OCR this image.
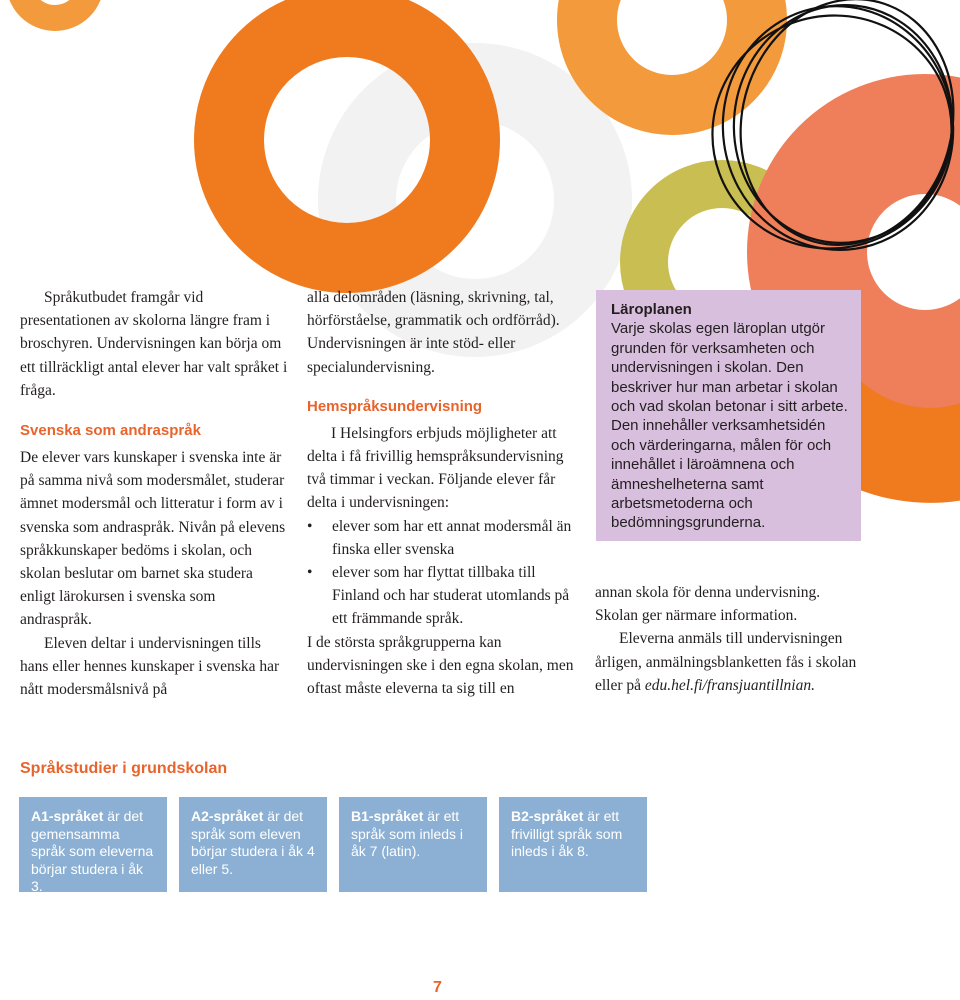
Språkutbudet framgår vid presentationen av skolorna längre fram i broschyren. Undervisningen kan börja om ett tillräckligt antal elever har valt språket i fråga.

Svenska som andraspråk

De elever vars kunskaper i svenska inte är på samma nivå som modersmålet, studerar ämnet modersmål och litteratur i form av i svenska som andraspråk. Nivån på elevens språkkunskaper bedöms i skolan, och skolan beslutar om barnet ska studera enligt lärokursen i svenska som andraspråk.

Eleven deltar i undervisningen tills hans eller hennes kunskaper i svenska har nått modersmålsnivå på

alla delområden (läsning, skrivning, tal, hörförståelse, grammatik och ordförråd). Undervisningen är inte stöd- eller specialundervisning.

Hemspråksundervisning

I Helsingfors erbjuds möjligheter att delta i få frivillig hemspråksundervisning två timmar i veckan. Följande elever får delta i undervisningen:

• elever som har ett annat modersmål än finska eller svenska
• elever som har flyttat tillbaka till Finland och har studerat utomlands på ett främmande språk.

I de största språkgrupperna kan undervisningen ske i den egna skolan, men oftast måste eleverna ta sig till en

Läroplanen
Varje skolas egen läroplan utgör grunden för verksamheten och undervisningen i skolan. Den beskriver hur man arbetar i skolan och vad skolan betonar i sitt arbete. Den innehåller verksamhetsidén och värderingarna, målen för och innehållet i läroämnena och ämneshelheterna samt arbetsmetoderna och bedömningsgrunderna.

annan skola för denna undervisning. Skolan ger närmare information.

Eleverna anmäls till undervisningen årligen, anmälningsblanketten fås i skolan eller på edu.hel.fi/fransjuantillnian.

Språkstudier i grundskolan
A1-språket är det gemensamma språk som eleverna börjar studera i åk 3.
A2-språket är det språk som eleven börjar studera i åk 4 eller 5.
B1-språket är ett språk som inleds i åk 7 (latin).
B2-språket är ett frivilligt språk som inleds i åk 8.
7
